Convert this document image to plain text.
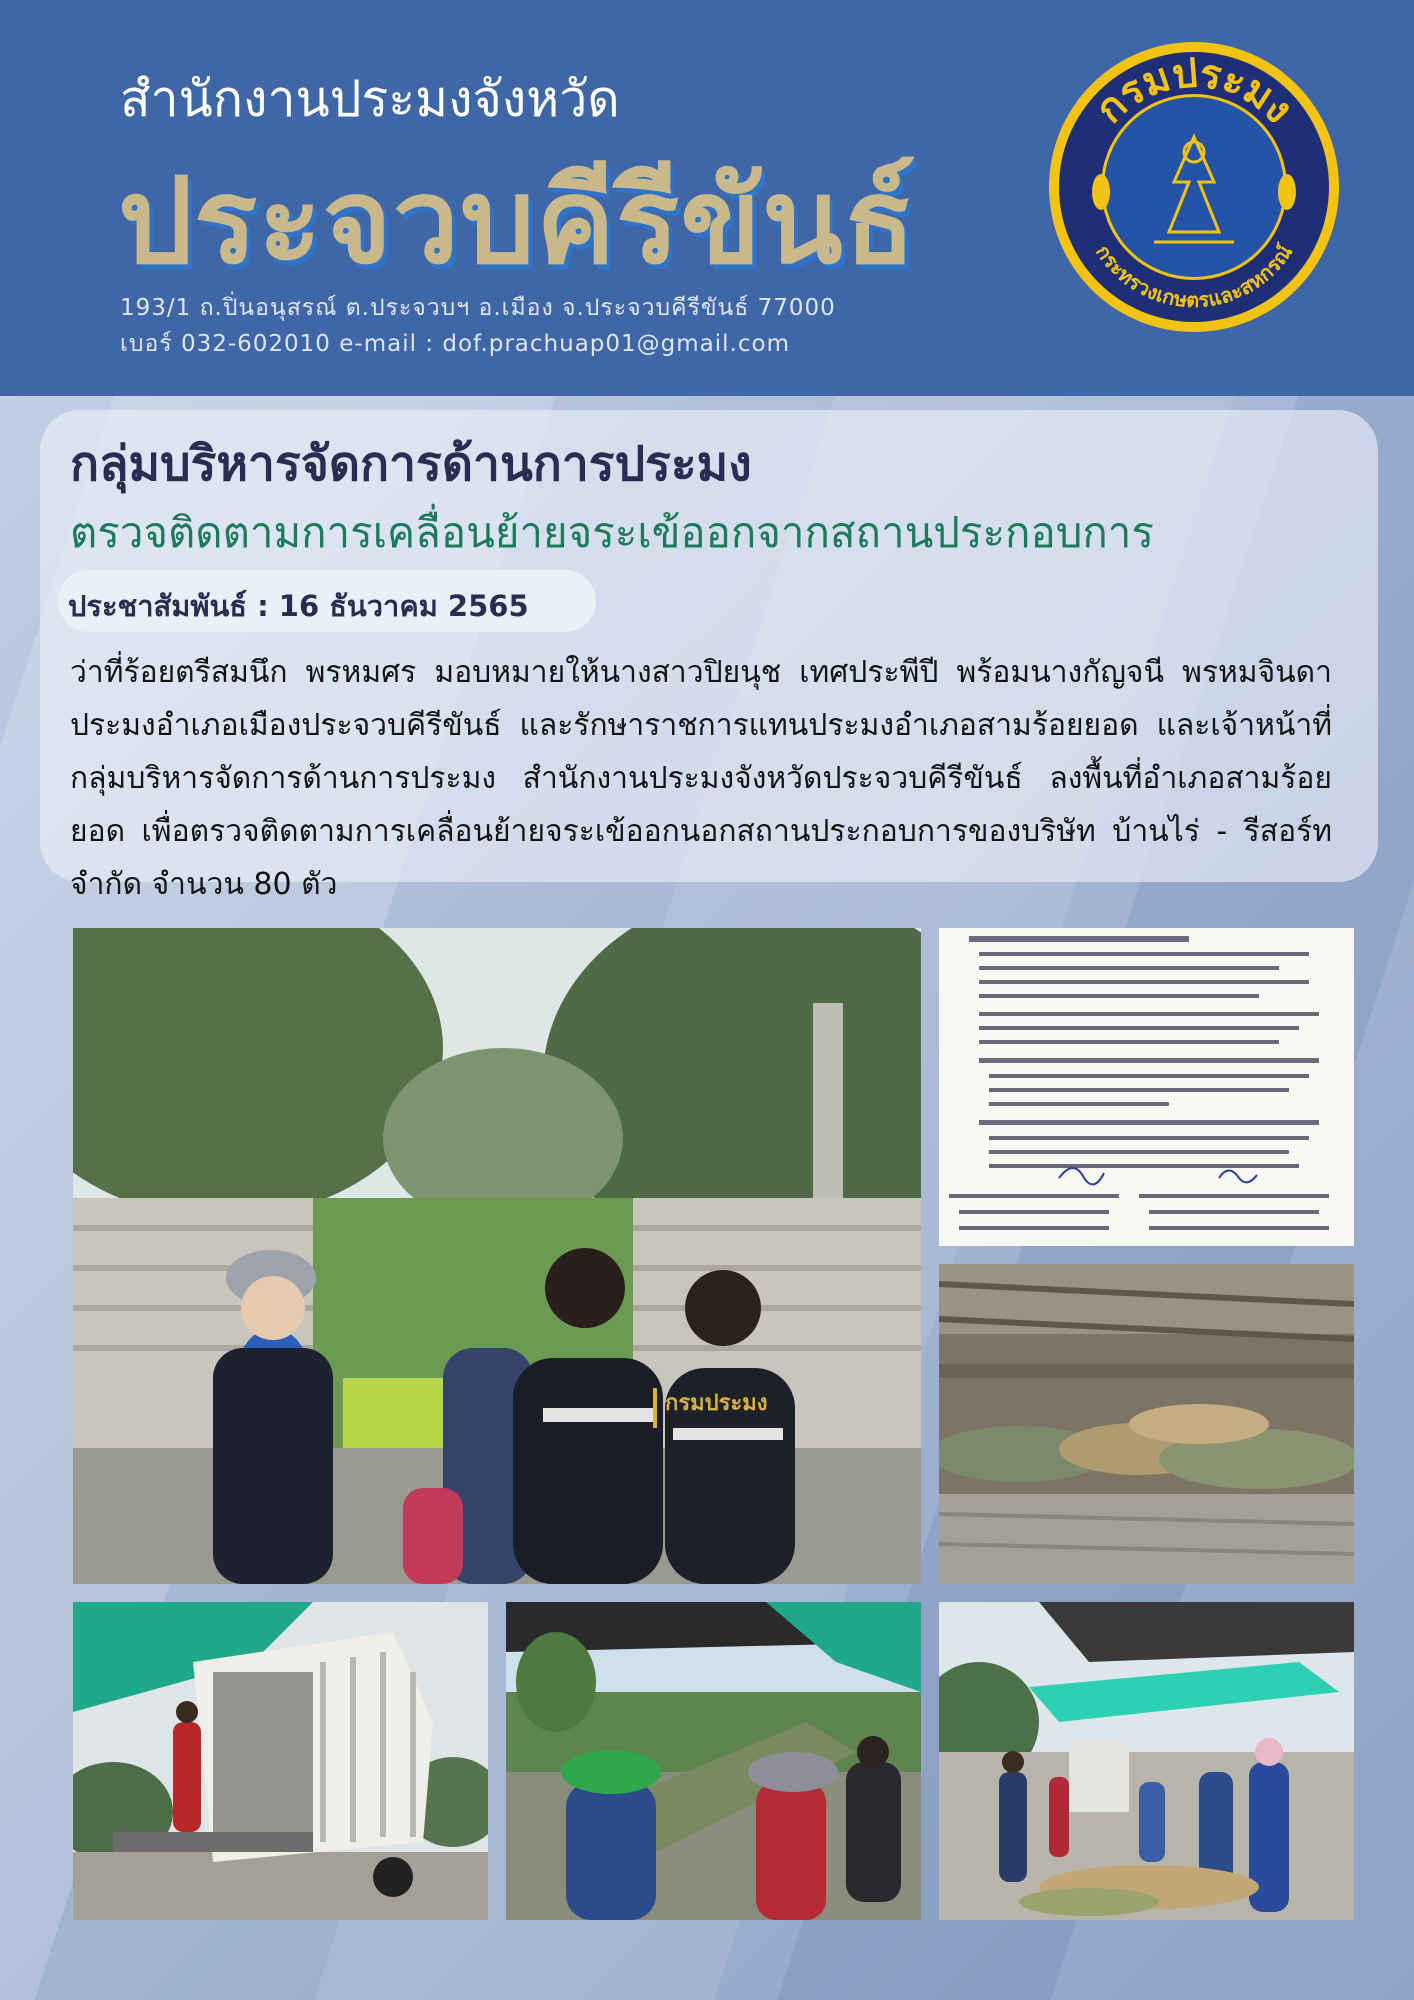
สำนักงานประมงจังหวัด
ประจวบคีรีขันธ์
193/1 ถ.ปิ่นอนุสรณ์ ต.ประจวบฯ อ.เมือง จ.ประจวบคีรีขันธ์ 77000
เบอร์ 032-602010 e-mail : dof.prachuap01@gmail.com
กรมประมง
กระทรวงเกษตรและสหกรณ์
กลุ่มบริหารจัดการด้านการประมง
ตรวจติดตามการเคลื่อนย้ายจระเข้ออกจากสถานประกอบการ
ประชาสัมพันธ์ : 16 ธันวาคม 2565
ว่าที่ร้อยตรีสมนึก พรหมศร มอบหมายให้นางสาวปิยนุช เทศประพีปี พร้อมนางกัญจนี พรหมจินดา ประมงอำเภอเมืองประจวบคีรีขันธ์ และรักษาราชการแทนประมงอำเภอสามร้อยยอด และเจ้าหน้าที่กลุ่มบริหารจัดการด้านการประมง สำนักงานประมงจังหวัดประจวบคีรีขันธ์ ลงพื้นที่อำเภอสามร้อยยอด เพื่อตรวจติดตามการเคลื่อนย้ายจระเข้ออกนอกสถานประกอบการของบริษัท บ้านไร่ - รีสอร์ท จำกัด จำนวน 80 ตัว
กรมประมง
